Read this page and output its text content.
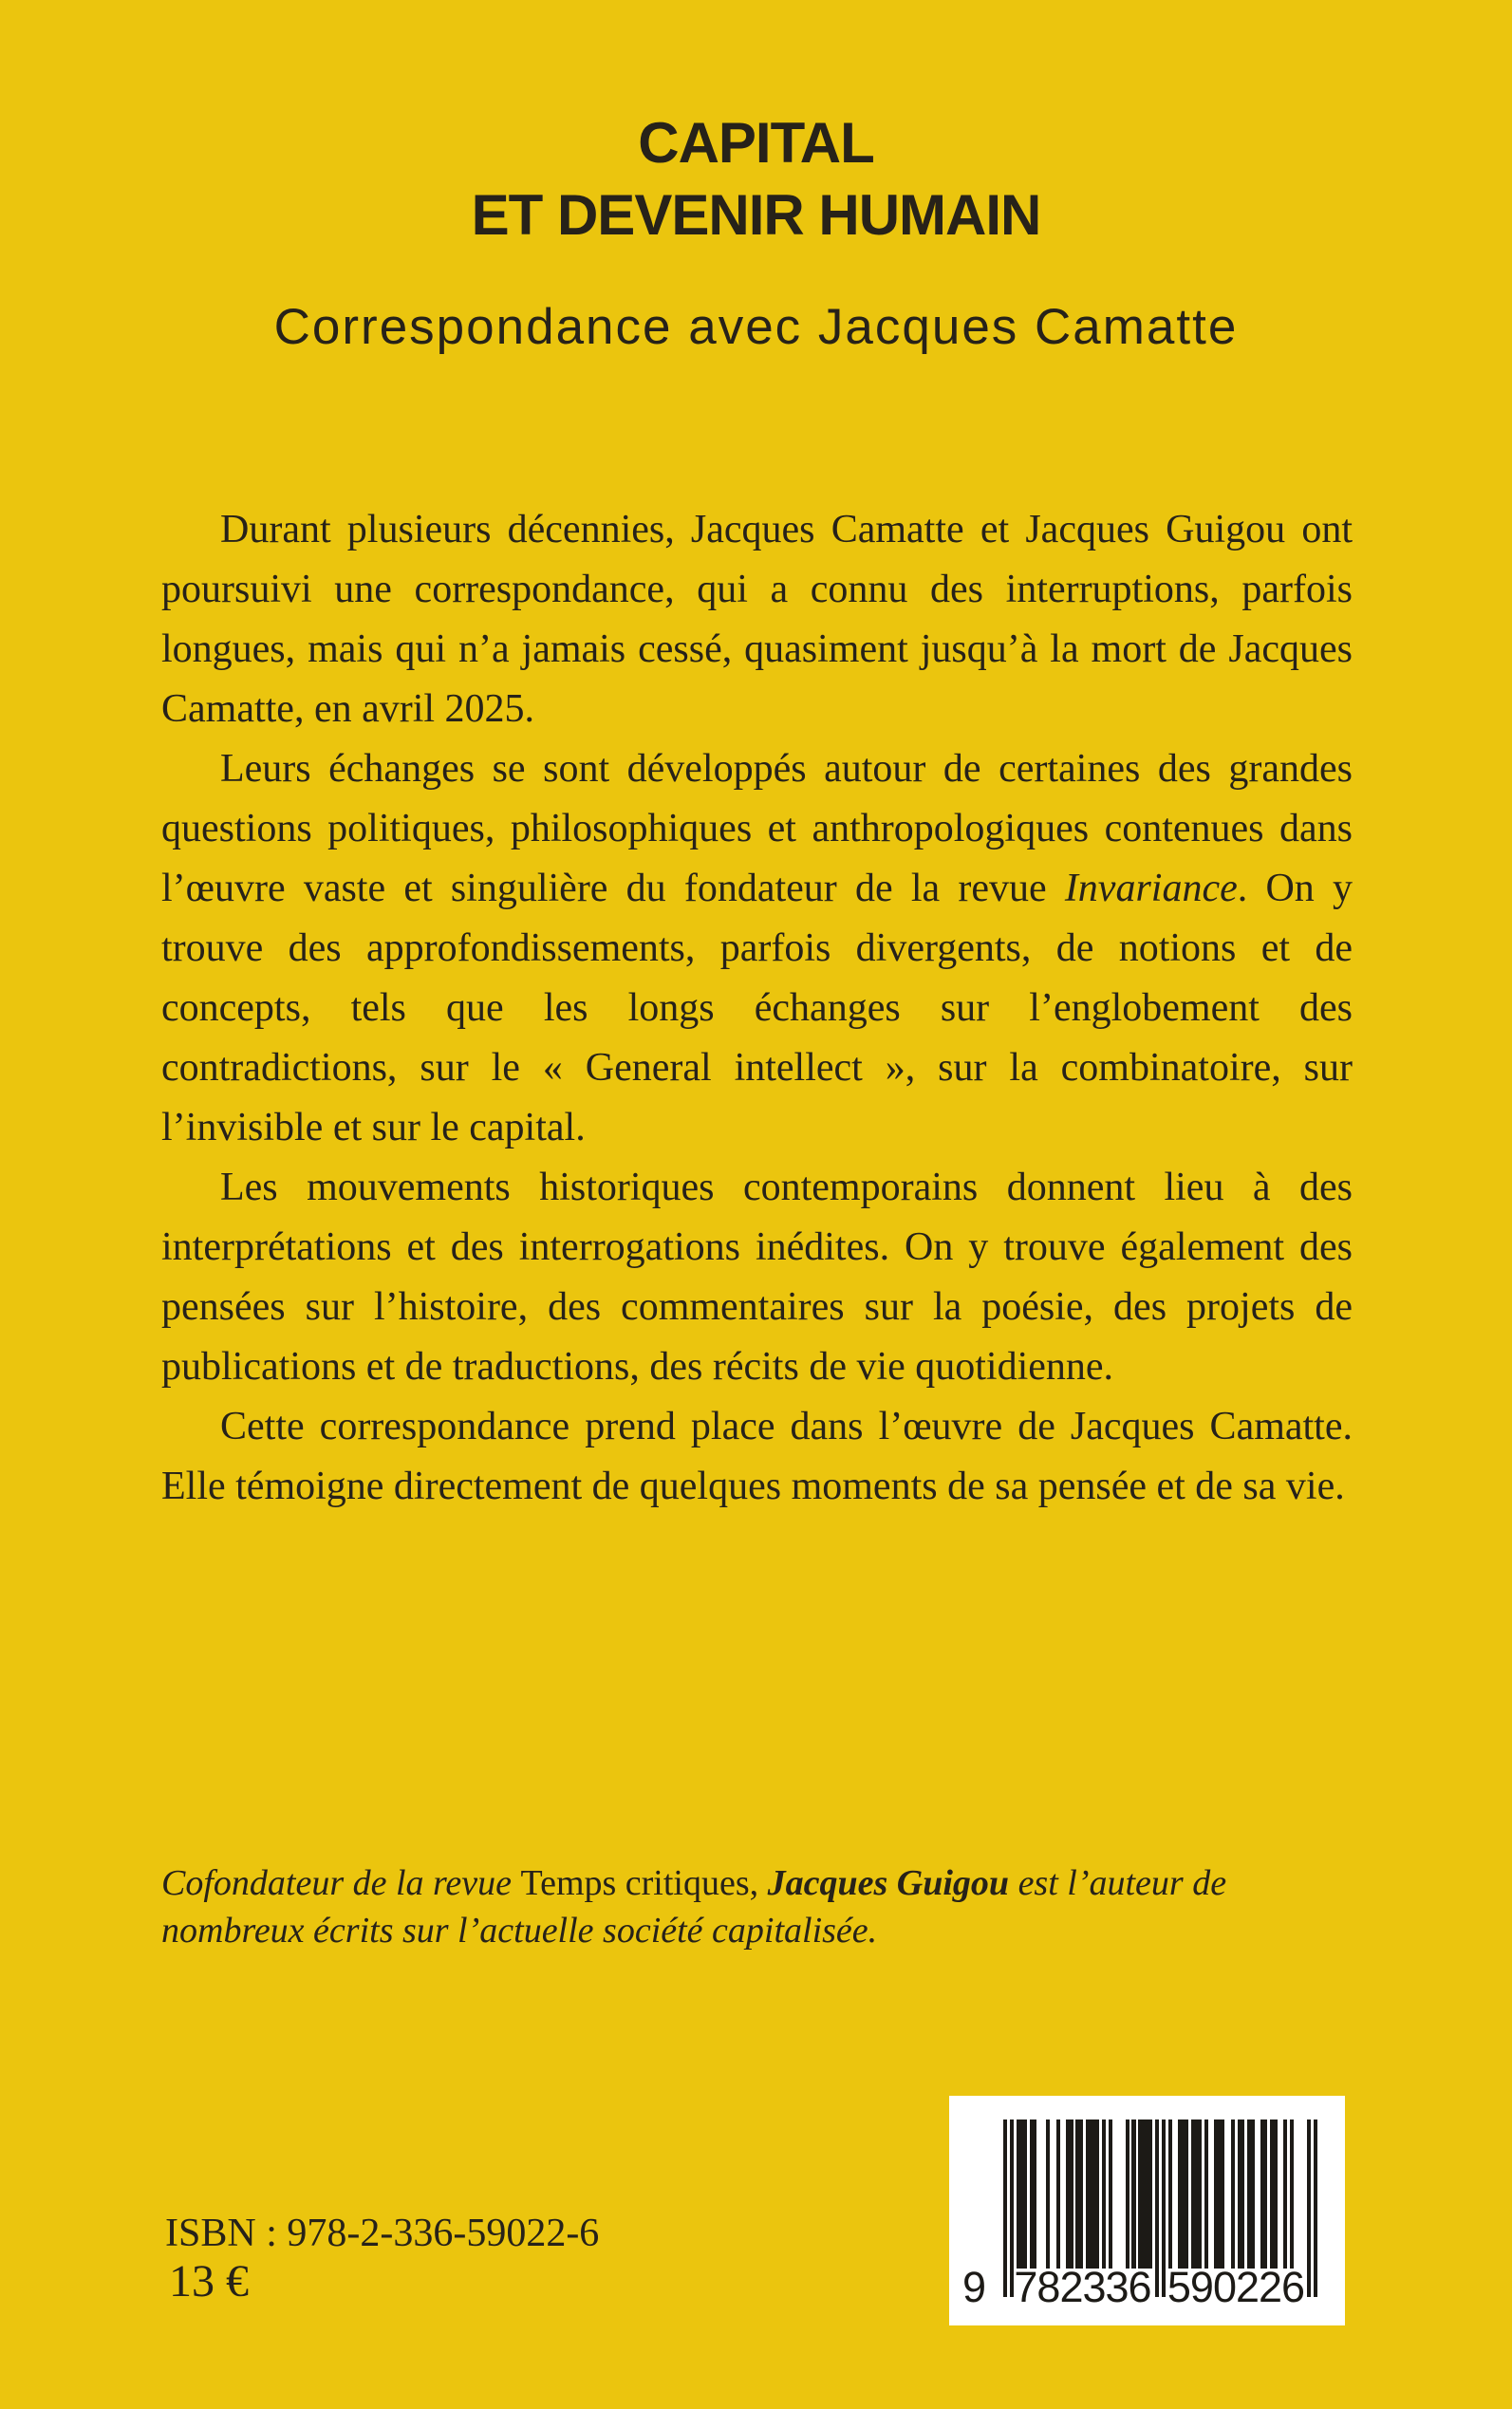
CAPITAL
ET DEVENIR HUMAIN
Correspondance avec Jacques Camatte

Durant plusieurs décennies, Jacques Camatte et Jacques Guigou ont poursuivi une correspondance, qui a connu des interruptions, parfois longues, mais qui n’a jamais cessé, quasiment jusqu’à la mort de Jacques Camatte, en avril 2025.

Leurs échanges se sont développés autour de certaines des grandes questions politiques, philosophiques et anthropologiques contenues dans l’œuvre vaste et singulière du fondateur de la revue Invariance. On y trouve des approfondissements, parfois divergents, de notions et de concepts, tels que les longs échanges sur l’englobement des contradictions, sur le « General intellect », sur la combinatoire, sur l’invisible et sur le capital.

Les mouvements historiques contemporains donnent lieu à des interprétations et des interrogations inédites. On y trouve également des pensées sur l’histoire, des commentaires sur la poésie, des projets de publications et de traductions, des récits de vie quotidienne.

Cette correspondance prend place dans l’œuvre de Jacques Camatte. Elle témoigne directement de quelques moments de sa pensée et de sa vie.

Cofondateur de la revue Temps critiques, Jacques Guigou est l’auteur de nombreux écrits sur l’actuelle société capitalisée.
ISBN : 978-2-336-59022-6
13 €	9 782336 590226
